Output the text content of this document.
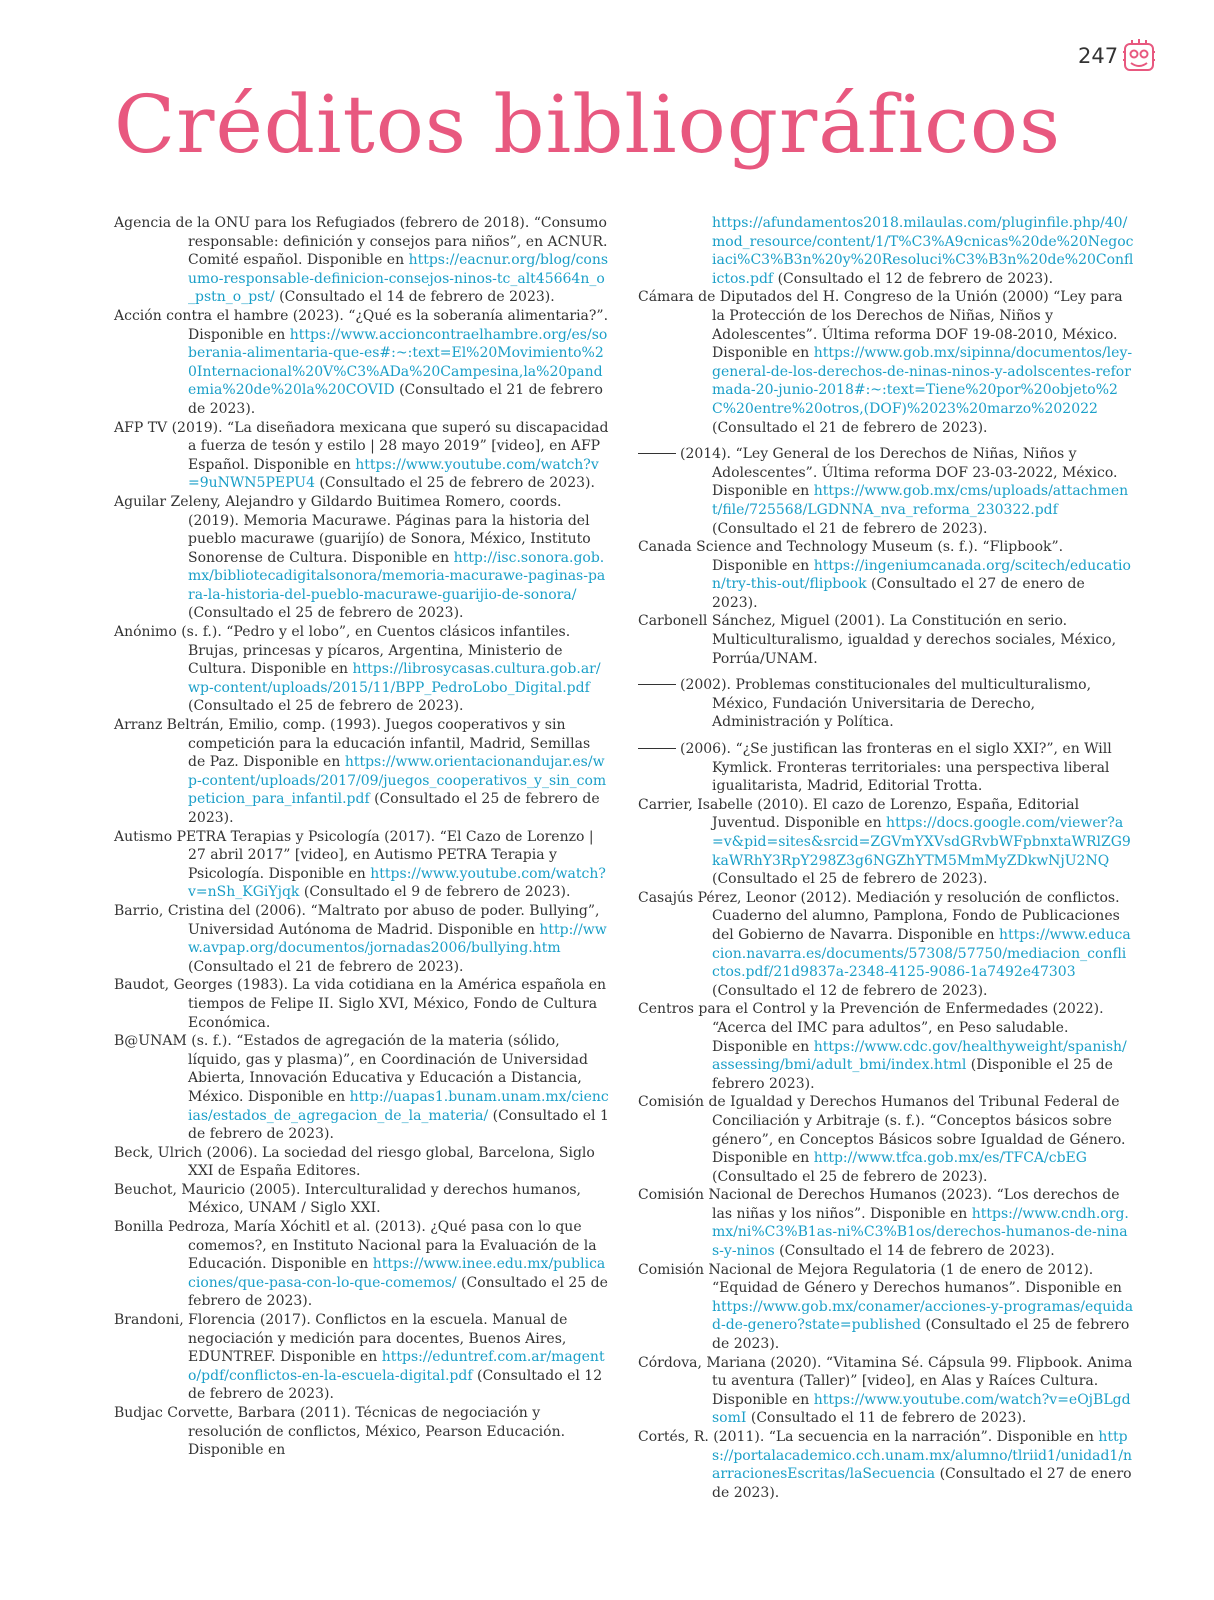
247
Créditos bibliográficos

Agencia de la ONU para los Refugiados (febrero de 2018). “Consumo responsable: definición y consejos para niños”, en ACNUR. Comité español. Disponible en https://eacnur.org/blog/consumo-responsable-definicion-consejos-ninos-tc_alt45664n_o_pstn_o_pst/ (Consultado el 14 de febrero de 2023).

Acción contra el hambre (2023). “¿Qué es la soberanía alimentaria?”. Disponible en https://www.accioncontraelhambre.org/es/soberania-alimentaria-que-es#:~:text=El%20Movimiento%20Internacional%20V%C3%ADa%20Campesina,la%20pandemia%20de%20la%20COVID (Consultado el 21 de febrero de 2023).

AFP TV (2019). “La diseñadora mexicana que superó su discapacidad a fuerza de tesón y estilo | 28 mayo 2019” [video], en AFP Español. Disponible en https://www.youtube.com/watch?v=9uNWN5PEPU4 (Consultado el 25 de febrero de 2023).

Aguilar Zeleny, Alejandro y Gildardo Buitimea Romero, coords. (2019). Memoria Macurawe. Páginas para la historia del pueblo macurawe (guarijío) de Sonora, México, Instituto Sonorense de Cultura. Disponible en http://isc.sonora.gob.mx/bibliotecadigitalsonora/memoria-macurawe-paginas-para-la-historia-del-pueblo-macurawe-guarijio-de-sonora/ (Consultado el 25 de febrero de 2023).

Anónimo (s. f.). “Pedro y el lobo”, en Cuentos clásicos infantiles. Brujas, princesas y pícaros, Argentina, Ministerio de Cultura. Disponible en https://librosycasas.cultura.gob.ar/wp-content/uploads/2015/11/BPP_PedroLobo_Digital.pdf (Consultado el 25 de febrero de 2023).

Arranz Beltrán, Emilio, comp. (1993). Juegos cooperativos y sin competición para la educación infantil, Madrid, Semillas de Paz. Disponible en https://www.orientacionandujar.es/wp-content/uploads/2017/09/juegos_cooperativos_y_sin_competicion_para_infantil.pdf (Consultado el 25 de febrero de 2023).

Autismo PETRA Terapias y Psicología (2017). “El Cazo de Lorenzo | 27 abril 2017” [video], en Autismo PETRA Terapia y Psicología. Disponible en https://www.youtube.com/watch?v=nSh_KGiYjqk (Consultado el 9 de febrero de 2023).

Barrio, Cristina del (2006). “Maltrato por abuso de poder. Bullying”, Universidad Autónoma de Madrid. Disponible en http://www.avpap.org/documentos/jornadas2006/bullying.htm (Consultado el 21 de febrero de 2023).

Baudot, Georges (1983). La vida cotidiana en la América española en tiempos de Felipe II. Siglo XVI, México, Fondo de Cultura Económica.

B@UNAM (s. f.). “Estados de agregación de la materia (sólido, líquido, gas y plasma)”, en Coordinación de Universidad Abierta, Innovación Educativa y Educación a Distancia, México. Disponible en http://uapas1.bunam.unam.mx/ciencias/estados_de_agregacion_de_la_materia/ (Consultado el 1 de febrero de 2023).

Beck, Ulrich (2006). La sociedad del riesgo global, Barcelona, Siglo XXI de España Editores.

Beuchot, Mauricio (2005). Interculturalidad y derechos humanos, México, UNAM / Siglo XXI.

Bonilla Pedroza, María Xóchitl et al. (2013). ¿Qué pasa con lo que comemos?, en Instituto Nacional para la Evaluación de la Educación. Disponible en https://www.inee.edu.mx/publicaciones/que-pasa-con-lo-que-comemos/ (Consultado el 25 de febrero de 2023).

Brandoni, Florencia (2017). Conflictos en la escuela. Manual de negociación y medición para docentes, Buenos Aires, EDUNTREF. Disponible en https://eduntref.com.ar/magento/pdf/conflictos-en-la-escuela-digital.pdf (Consultado el 12 de febrero de 2023).

Budjac Corvette, Barbara (2011). Técnicas de negociación y resolución de conflictos, México, Pearson Educación. Disponible en

https://afundamentos2018.milaulas.com/pluginfile.php/40/mod_resource/content/1/T%C3%A9cnicas%20de%20Negociaci%C3%B3n%20y%20Resoluci%C3%B3n%20de%20Conflictos.pdf (Consultado el 12 de febrero de 2023).

Cámara de Diputados del H. Congreso de la Unión (2000) “Ley para la Protección de los Derechos de Niñas, Niños y Adolescentes”. Última reforma DOF 19-08-2010, México. Disponible en https://www.gob.mx/sipinna/documentos/ley-general-de-los-derechos-de-ninas-ninos-y-adolscentes-reformada-20-junio-2018#:~:text=Tiene%20por%20objeto%2C%20entre%20otros,(DOF)%2023%20marzo%202022 (Consultado el 21 de febrero de 2023).

(2014). “Ley General de los Derechos de Niñas, Niños y Adolescentes”. Última reforma DOF 23-03-2022, México. Disponible en https://www.gob.mx/cms/uploads/attachment/file/725568/LGDNNA_nva_reforma_230322.pdf (Consultado el 21 de febrero de 2023).

Canada Science and Technology Museum (s. f.). “Flipbook”. Disponible en https://ingeniumcanada.org/scitech/education/try-this-out/flipbook (Consultado el 27 de enero de 2023).

Carbonell Sánchez, Miguel (2001). La Constitución en serio. Multiculturalismo, igualdad y derechos sociales, México, Porrúa/UNAM.

(2002). Problemas constitucionales del multiculturalismo, México, Fundación Universitaria de Derecho, Administración y Política.

(2006). “¿Se justifican las fronteras en el siglo XXI?”, en Will Kymlick. Fronteras territoriales: una perspectiva liberal igualitarista, Madrid, Editorial Trotta.

Carrier, Isabelle (2010). El cazo de Lorenzo, España, Editorial Juventud. Disponible en https://docs.google.com/viewer?a=v&pid=sites&srcid=ZGVmYXVsdGRvbWFpbnxtaWRlZG9kaWRhY3RpY298Z3g6NGZhYTM5MmMyZDkwNjU2NQ (Consultado el 25 de febrero de 2023).

Casajús Pérez, Leonor (2012). Mediación y resolución de conflictos. Cuaderno del alumno, Pamplona, Fondo de Publicaciones del Gobierno de Navarra. Disponible en https://www.educacion.navarra.es/documents/57308/57750/mediacion_conflictos.pdf/21d9837a-2348-4125-9086-1a7492e47303 (Consultado el 12 de febrero de 2023).

Centros para el Control y la Prevención de Enfermedades (2022). “Acerca del IMC para adultos”, en Peso saludable. Disponible en https://www.cdc.gov/healthyweight/spanish/assessing/bmi/adult_bmi/index.html (Disponible el 25 de febrero 2023).

Comisión de Igualdad y Derechos Humanos del Tribunal Federal de Conciliación y Arbitraje (s. f.). “Conceptos básicos sobre género”, en Conceptos Básicos sobre Igualdad de Género. Disponible en http://www.tfca.gob.mx/es/TFCA/cbEG (Consultado el 25 de febrero de 2023).

Comisión Nacional de Derechos Humanos (2023). “Los derechos de las niñas y los niños”. Disponible en https://www.cndh.org.mx/ni%C3%B1as-ni%C3%B1os/derechos-humanos-de-ninas-y-ninos (Consultado el 14 de febrero de 2023).

Comisión Nacional de Mejora Regulatoria (1 de enero de 2012). “Equidad de Género y Derechos humanos”. Disponible en https://www.gob.mx/conamer/acciones-y-programas/equidad-de-genero?state=published (Consultado el 25 de febrero de 2023).

Córdova, Mariana (2020). “Vitamina Sé. Cápsula 99. Flipbook. Anima tu aventura (Taller)” [video], en Alas y Raíces Cultura. Disponible en https://www.youtube.com/watch?v=eOjBLgdsomI (Consultado el 11 de febrero de 2023).

Cortés, R. (2011). “La secuencia en la narración”. Disponible en https://portalacademico.cch.unam.mx/alumno/tlriid1/unidad1/narracionesEscritas/laSecuencia (Consultado el 27 de enero de 2023).
